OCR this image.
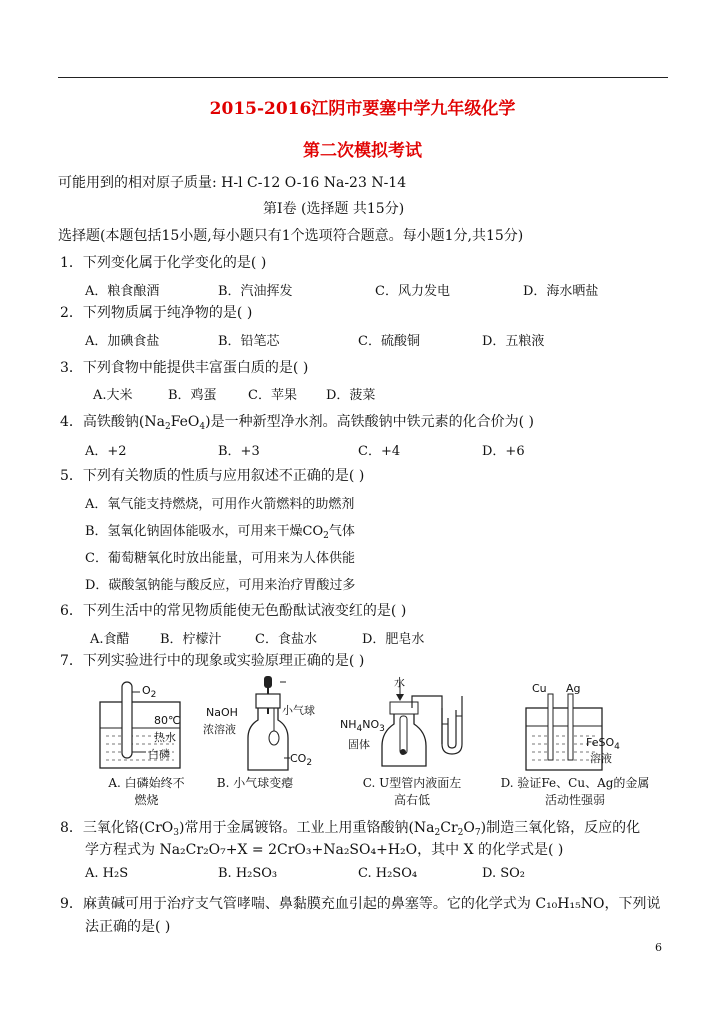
2015-2016江阴市要塞中学九年级化学
第二次模拟考试
可能用到的相对原子质量: H-l C-12 O-16 Na-23 N-14
第Ⅰ卷 (选择题 共15分)
选择题(本题包括15小题,每小题只有1个选项符合题意。每小题1分,共15分)
1．下列变化属于化学变化的是( )
A．粮食酿酒	B．汽油挥发	C．风力发电	D．海水晒盐
2．下列物质属于纯净物的是( )
A．加碘食盐	B．铅笔芯	C．硫酸铜	D．五粮液
3．下列食物中能提供丰富蛋白质的是( )
A.大米	B．鸡蛋 C．苹果 D．菠菜
4．高铁酸钠$(Na_2FeO_4)$是一种新型净水剂。高铁酸钠中铁元素的化合价为( )
A．+2	B．+3	C．+4	D．+6
5．下列有关物质的性质与应用叙述不正确的是( )
A．氧气能支持燃烧，可用作火箭燃料的助燃剂
B．氢氧化钠固体能吸水，可用来干燥$CO_2$气体
C．葡萄糖氧化时放出能量，可用来为人体供能
D．碳酸氢钠能与酸反应，可用来治疗胃酸过多
6．下列生活中的常见物质能使无色酚酞试液变红的是( )
A.食醋 B．柠檬汁	C．食盐水	D．肥皂水
7．下列实验进行中的现象或实验原理正确的是( )
$O_2$
80℃
热水
白磷
A. 白磷始终不燃烧
NaOH
浓溶液
小气球
$CO_2$
B. 小气球变瘪
水
$NH_4NO_3$
固体
C. U型管内液面左高右低
Cu Ag
FeSO$_4$
溶液
D. 验证Fe、Cu、Ag的金属活动性强弱
8．三氧化铬(CrO$_3$)常用于金属镀铬。工业上用重铬酸钠$(Na_2Cr_2O_7)$制造三氧化铬，反应的化
学方程式为 Na₂Cr₂O₇+X = 2CrO₃+Na₂SO₄+H₂O，其中 X 的化学式是( )
A. H₂S	B. H₂SO₃	C. H₂SO₄	D. SO₂
9．麻黄碱可用于治疗支气管哮喘、鼻黏膜充血引起的鼻塞等。它的化学式为 C₁₀H₁₅NO，下列说
法正确的是( )
6
